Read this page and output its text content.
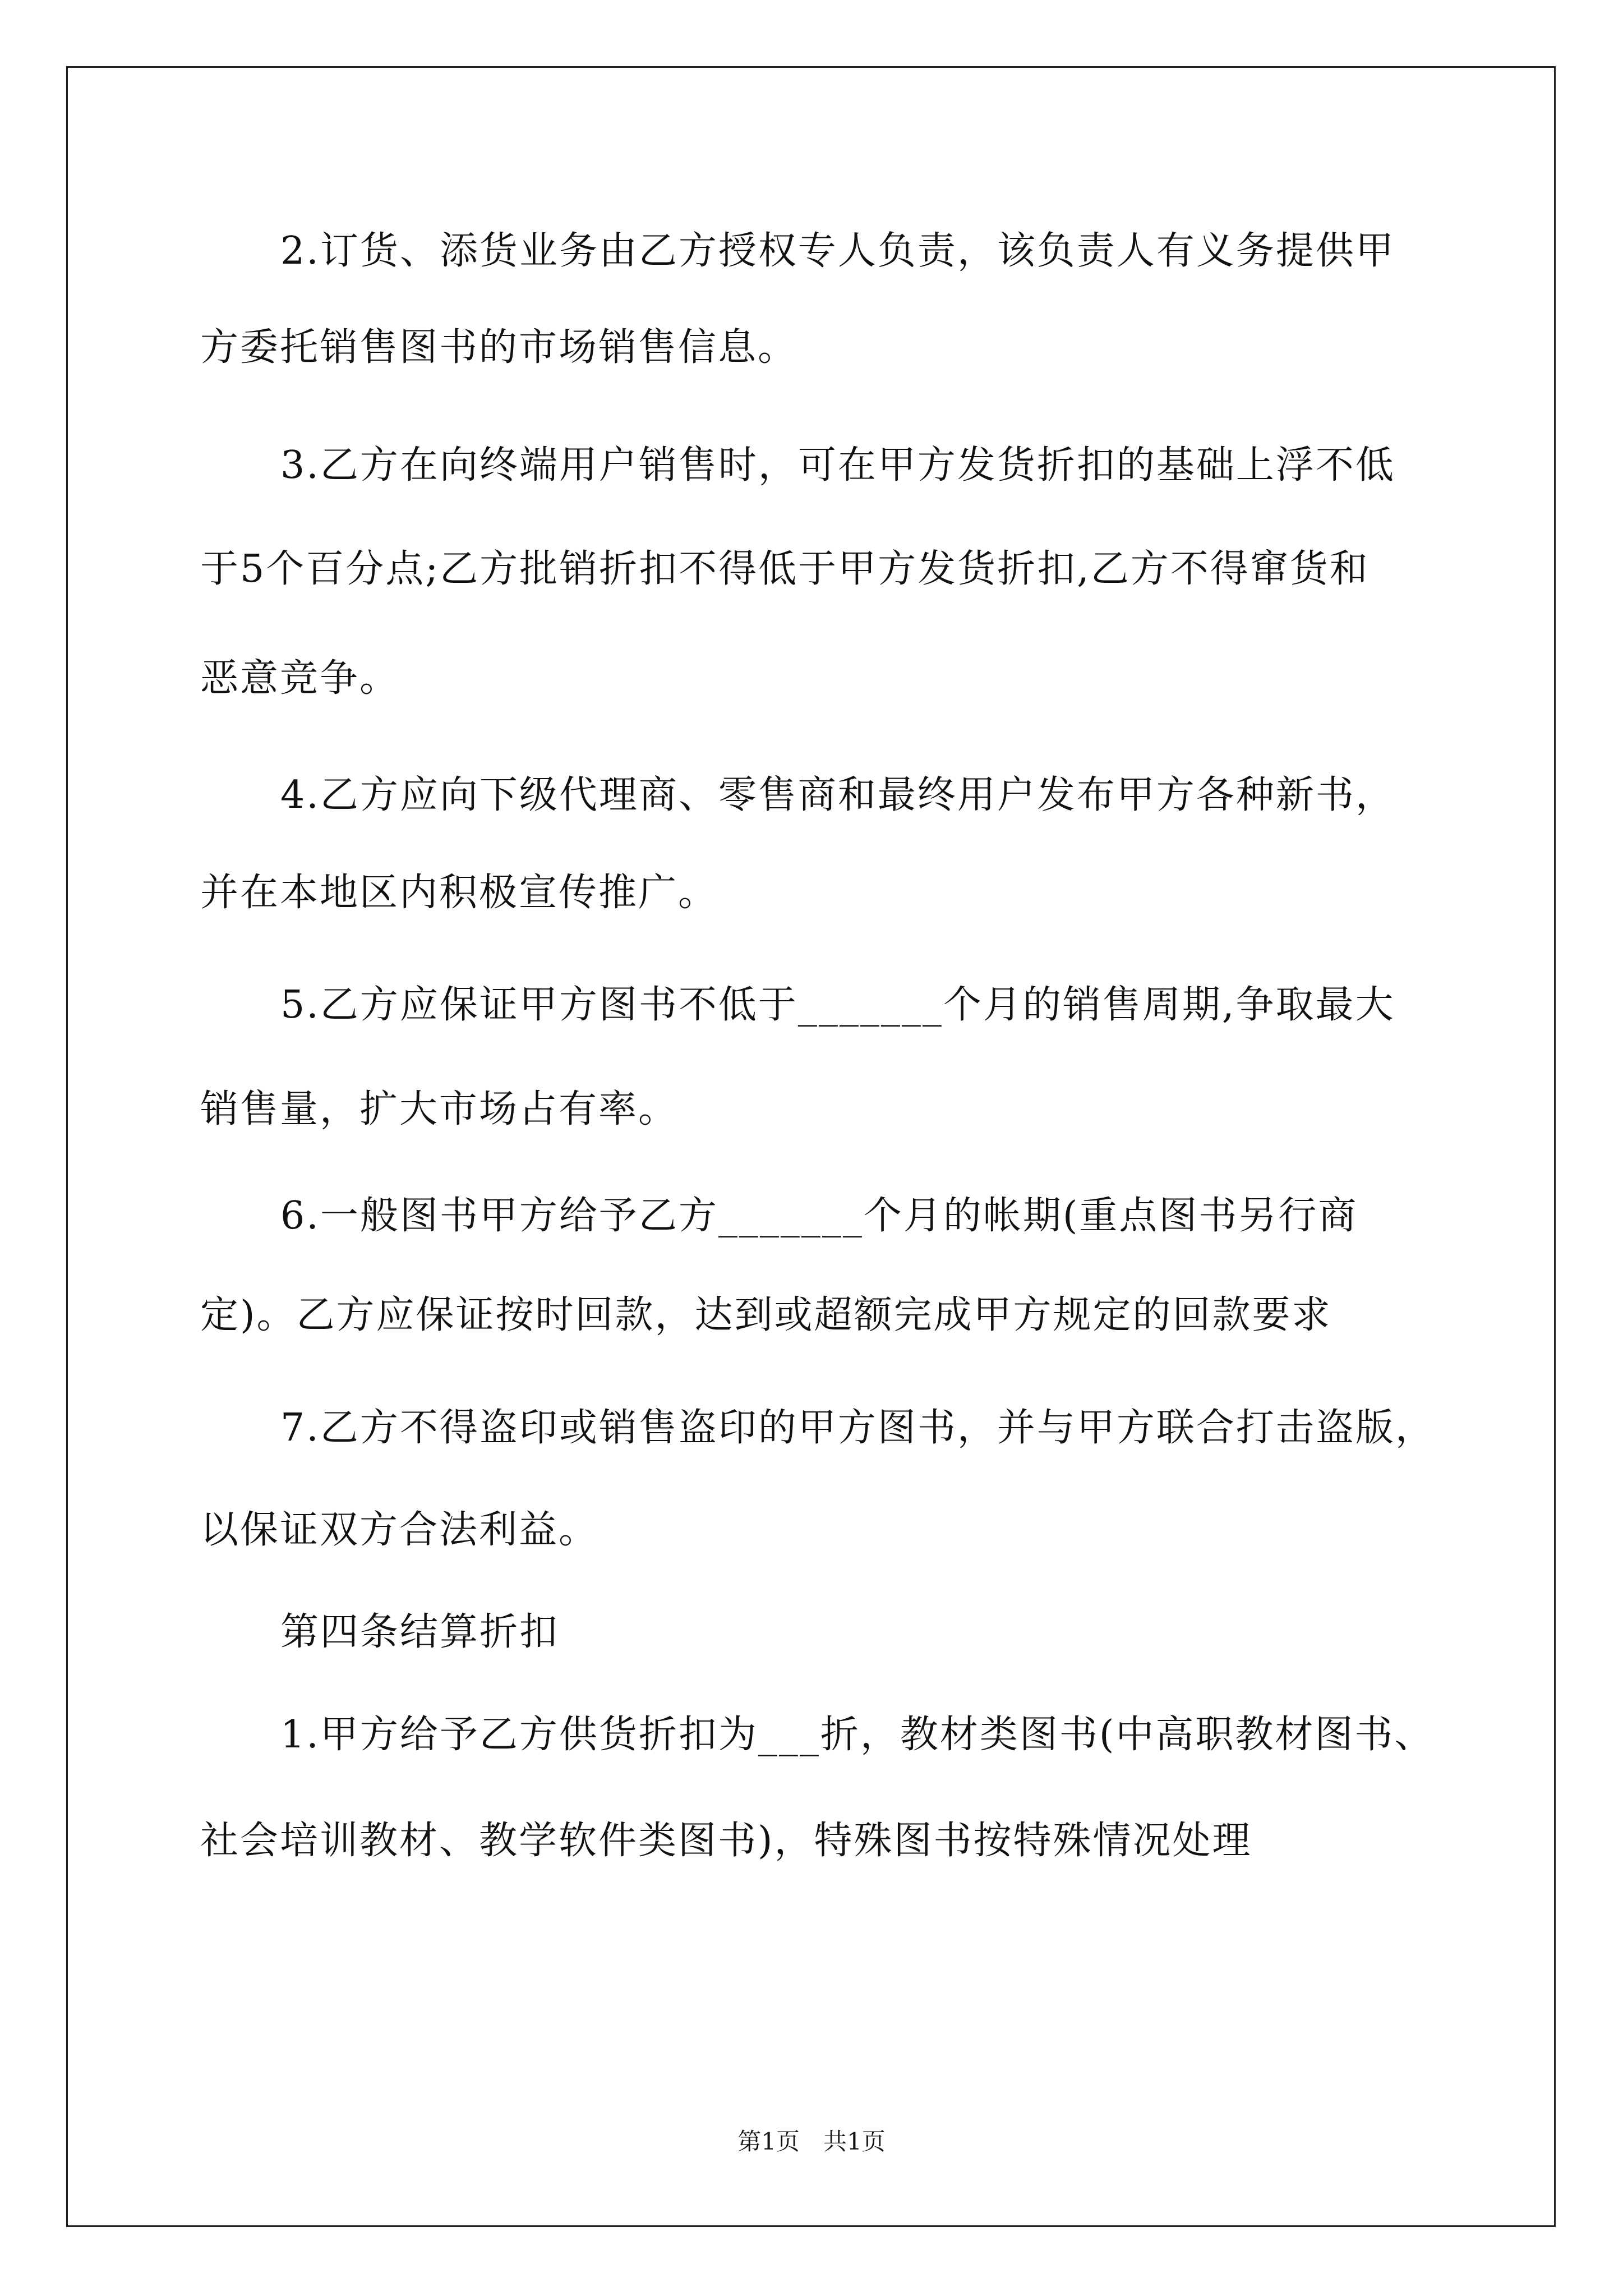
2.订货、添货业务由乙方授权专人负责，该负责人有义务提供甲
方委托销售图书的市场销售信息。
3.乙方在向终端用户销售时，可在甲方发货折扣的基础上浮不低
于5个百分点;乙方批销折扣不得低于甲方发货折扣,乙方不得窜货和
恶意竞争。
4.乙方应向下级代理商、零售商和最终用户发布甲方各种新书，
并在本地区内积极宣传推广。
5.乙方应保证甲方图书不低于_______个月的销售周期,争取最大
销售量，扩大市场占有率。
6.一般图书甲方给予乙方_______个月的帐期(重点图书另行商
定)。乙方应保证按时回款，达到或超额完成甲方规定的回款要求
7.乙方不得盗印或销售盗印的甲方图书，并与甲方联合打击盗版，
以保证双方合法利益。
第四条结算折扣
1.甲方给予乙方供货折扣为___折，教材类图书(中高职教材图书、
社会培训教材、教学软件类图书)，特殊图书按特殊情况处理
第1页　共1页
